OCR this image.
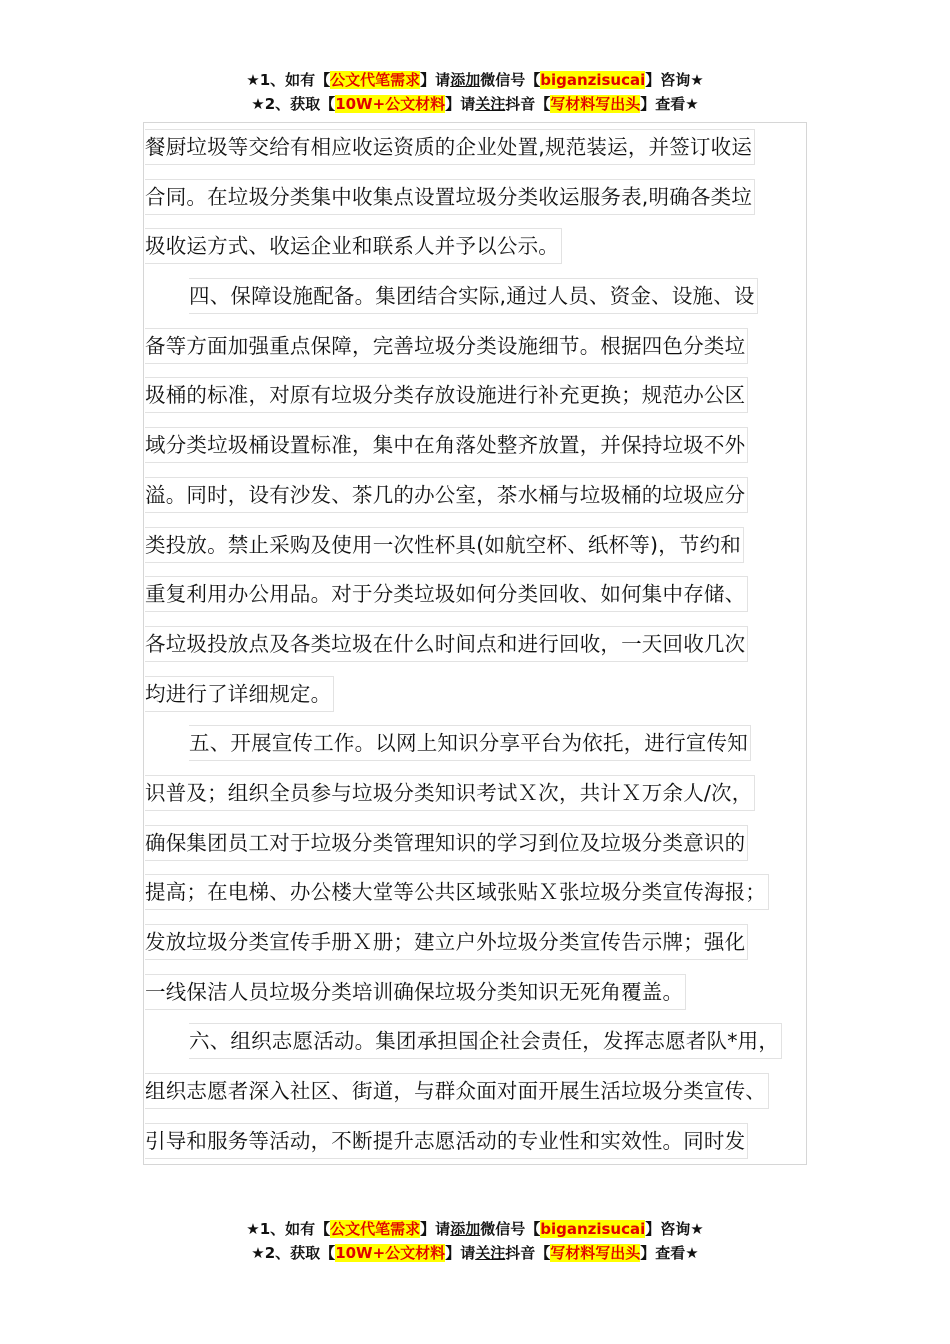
★1、如有【公文代笔需求】请添加微信号【biganzisucai】咨询★
★2、获取【10W+公文材料】请关注抖音【写材料写出头】查看★
餐厨垃圾等交给有相应收运资质的企业处置,规范装运，并签订收运
合同。在垃圾分类集中收集点设置垃圾分类收运服务表,明确各类垃
圾收运方式、收运企业和联系人并予以公示。
四、保障设施配备。集团结合实际,通过人员、资金、设施、设
备等方面加强重点保障，完善垃圾分类设施细节。根据四色分类垃
圾桶的标准，对原有垃圾分类存放设施进行补充更换；规范办公区
域分类垃圾桶设置标准，集中在角落处整齐放置，并保持垃圾不外
溢。同时，设有沙发、茶几的办公室，茶水桶与垃圾桶的垃圾应分
类投放。禁止采购及使用一次性杯具(如航空杯、纸杯等)，节约和
重复利用办公用品。对于分类垃圾如何分类回收、如何集中存储、
各垃圾投放点及各类垃圾在什么时间点和进行回收，一天回收几次
均进行了详细规定。
五、开展宣传工作。以网上知识分享平台为依托，进行宣传知
识普及；组织全员参与垃圾分类知识考试Ｘ次，共计Ｘ万余人/次，
确保集团员工对于垃圾分类管理知识的学习到位及垃圾分类意识的
提高；在电梯、办公楼大堂等公共区域张贴Ｘ张垃圾分类宣传海报；
发放垃圾分类宣传手册Ｘ册；建立户外垃圾分类宣传告示牌；强化
一线保洁人员垃圾分类培训确保垃圾分类知识无死角覆盖。
六、组织志愿活动。集团承担国企社会责任，发挥志愿者队*用，
组织志愿者深入社区、街道，与群众面对面开展生活垃圾分类宣传、
引导和服务等活动，不断提升志愿活动的专业性和实效性。同时发
★1、如有【公文代笔需求】请添加微信号【biganzisucai】咨询★
★2、获取【10W+公文材料】请关注抖音【写材料写出头】查看★
